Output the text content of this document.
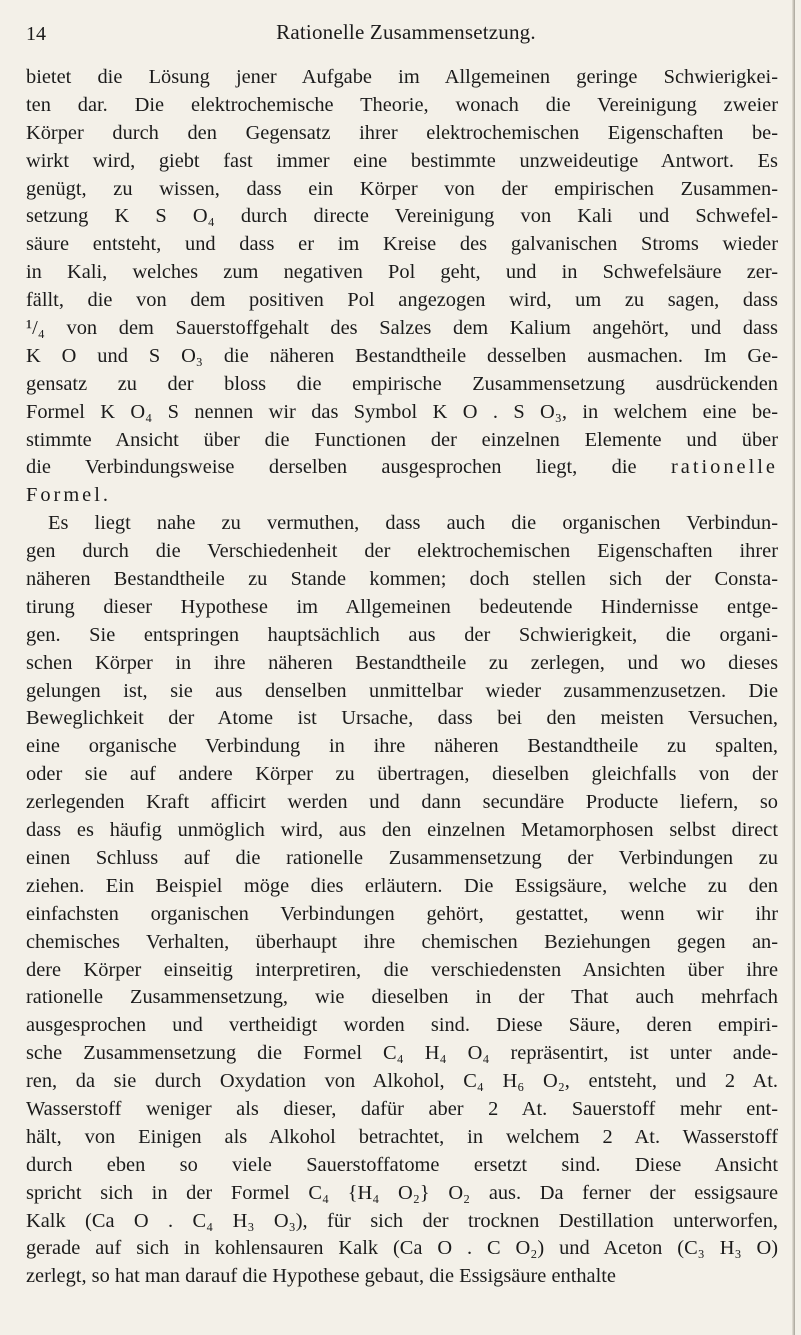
14	Rationelle Zusammensetzung.
bietet die Lösung jener Aufgabe im Allgemeinen geringe Schwierigkei-
ten dar. Die elektrochemische Theorie, wonach die Vereinigung zweier
Körper durch den Gegensatz ihrer elektrochemischen Eigenschaften be-
wirkt wird, giebt fast immer eine bestimmte unzweideutige Antwort. Es
genügt, zu wissen, dass ein Körper von der empirischen Zusammen-
setzung K S O₄ durch directe Vereinigung von Kali und Schwefel-
säure entsteht, und dass er im Kreise des galvanischen Stroms wieder
in Kali, welches zum negativen Pol geht, und in Schwefelsäure zer-
fällt, die von dem positiven Pol angezogen wird, um zu sagen, dass
¹/₄ von dem Sauerstoffgehalt des Salzes dem Kalium angehört, und dass
K O und S O₃ die näheren Bestandtheile desselben ausmachen. Im Ge-
gensatz zu der bloss die empirische Zusammensetzung ausdrückenden
Formel K O₄ S nennen wir das Symbol K O . S O₃, in welchem eine be-
stimmte Ansicht über die Functionen der einzelnen Elemente und über
die Verbindungsweise derselben ausgesprochen liegt, die rationelle
Formel.
Es liegt nahe zu vermuthen, dass auch die organischen Verbindun-
gen durch die Verschiedenheit der elektrochemischen Eigenschaften ihrer
näheren Bestandtheile zu Stande kommen; doch stellen sich der Consta-
tirung dieser Hypothese im Allgemeinen bedeutende Hindernisse entge-
gen. Sie entspringen hauptsächlich aus der Schwierigkeit, die organi-
schen Körper in ihre näheren Bestandtheile zu zerlegen, und wo dieses
gelungen ist, sie aus denselben unmittelbar wieder zusammenzusetzen. Die
Beweglichkeit der Atome ist Ursache, dass bei den meisten Versuchen,
eine organische Verbindung in ihre näheren Bestandtheile zu spalten,
oder sie auf andere Körper zu übertragen, dieselben gleichfalls von der
zerlegenden Kraft afficirt werden und dann secundäre Producte liefern, so
dass es häufig unmöglich wird, aus den einzelnen Metamorphosen selbst direct
einen Schluss auf die rationelle Zusammensetzung der Verbindungen zu
ziehen. Ein Beispiel möge dies erläutern. Die Essigsäure, welche zu den
einfachsten organischen Verbindungen gehört, gestattet, wenn wir ihr
chemisches Verhalten, überhaupt ihre chemischen Beziehungen gegen an-
dere Körper einseitig interpretiren, die verschiedensten Ansichten über ihre
rationelle Zusammensetzung, wie dieselben in der That auch mehrfach
ausgesprochen und vertheidigt worden sind. Diese Säure, deren empiri-
sche Zusammensetzung die Formel C₄ H₄ O₄ repräsentirt, ist unter ande-
ren, da sie durch Oxydation von Alkohol, C₄ H₆ O₂, entsteht, und 2 At.
Wasserstoff weniger als dieser, dafür aber 2 At. Sauerstoff mehr ent-
hält, von Einigen als Alkohol betrachtet, in welchem 2 At. Wasserstoff
durch eben so viele Sauerstoffatome ersetzt sind. Diese Ansicht
spricht sich in der Formel C₄ {H₄ O₂} O₂ aus. Da ferner der essigsaure
Kalk (Ca O . C₄ H₃ O₃), für sich der trocknen Destillation unterworfen,
gerade auf sich in kohlensauren Kalk (Ca O . C O₂) und Aceton (C₃ H₃ O)
zerlegt, so hat man darauf die Hypothese gebaut, die Essigsäure enthalte
